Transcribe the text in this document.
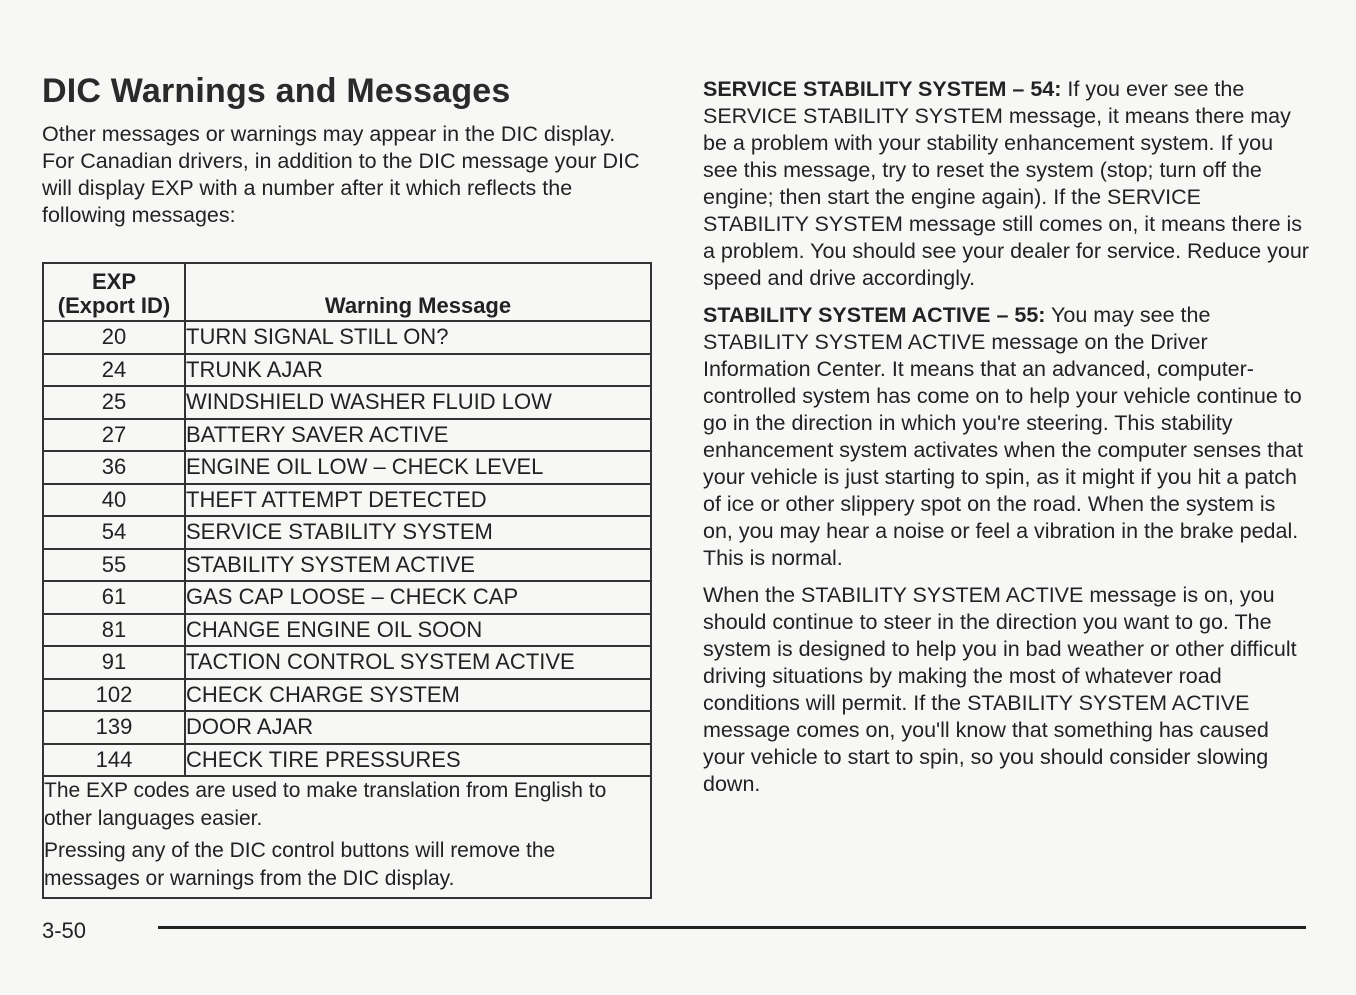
DIC Warnings and Messages

Other messages or warnings may appear in the DIC display. For Canadian drivers, in addition to the DIC message your DIC will display EXP with a number after it which reflects the following messages:

EXP
(Export ID)	Warning Message
20	TURN SIGNAL STILL ON?
24	TRUNK AJAR
25	WINDSHIELD WASHER FLUID LOW
27	BATTERY SAVER ACTIVE
36	ENGINE OIL LOW – CHECK LEVEL
40	THEFT ATTEMPT DETECTED
54	SERVICE STABILITY SYSTEM
55	STABILITY SYSTEM ACTIVE
61	GAS CAP LOOSE – CHECK CAP
81	CHANGE ENGINE OIL SOON
91	TACTION CONTROL SYSTEM ACTIVE
102	CHECK CHARGE SYSTEM
139	DOOR AJAR
144	CHECK TIRE PRESSURES

The EXP codes are used to make translation from English to other languages easier.

Pressing any of the DIC control buttons will remove the messages or warnings from the DIC display.	

SERVICE STABILITY SYSTEM – 54: If you ever see the SERVICE STABILITY SYSTEM message, it means there may be a problem with your stability enhancement system. If you see this message, try to reset the system (stop; turn off the engine; then start the engine again). If the SERVICE STABILITY SYSTEM message still comes on, it means there is a problem. You should see your dealer for service. Reduce your speed and drive accordingly.

STABILITY SYSTEM ACTIVE – 55: You may see the STABILITY SYSTEM ACTIVE message on the Driver Information Center. It means that an advanced, computer-controlled system has come on to help your vehicle continue to go in the direction in which you're steering. This stability enhancement system activates when the computer senses that your vehicle is just starting to spin, as it might if you hit a patch of ice or other slippery spot on the road. When the system is on, you may hear a noise or feel a vibration in the brake pedal. This is normal.

When the STABILITY SYSTEM ACTIVE message is on, you should continue to steer in the direction you want to go. The system is designed to help you in bad weather or other difficult driving situations by making the most of whatever road conditions will permit. If the STABILITY SYSTEM ACTIVE message comes on, you'll know that something has caused your vehicle to start to spin, so you should consider slowing down.

3-50
